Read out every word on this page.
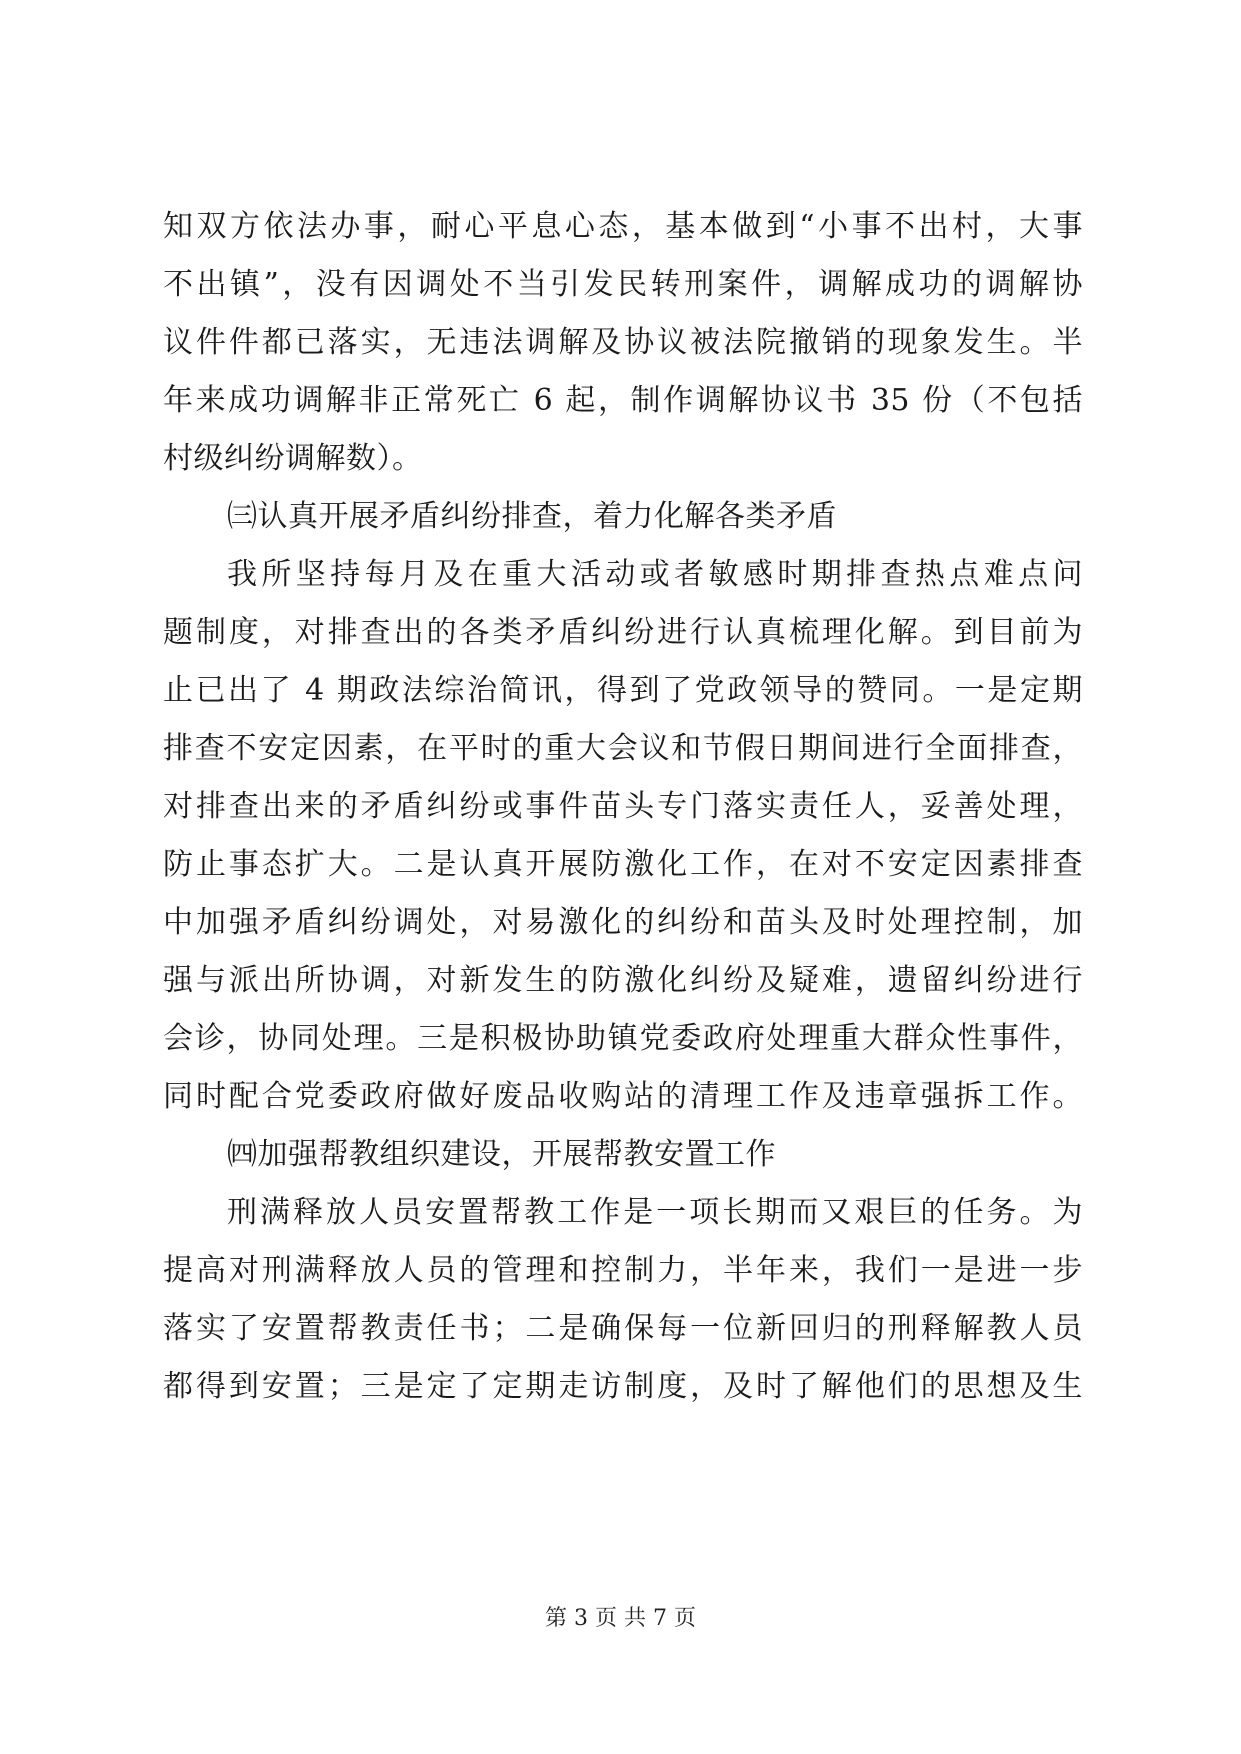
知双方依法办事，耐心平息心态，基本做到“小事不出村，大事
不出镇”，没有因调处不当引发民转刑案件，调解成功的调解协
议件件都已落实，无违法调解及协议被法院撤销的现象发生。半
年来成功调解非正常死亡 6 起，制作调解协议书 35 份（不包括
村级纠纷调解数）。
㈢认真开展矛盾纠纷排查，着力化解各类矛盾
我所坚持每月及在重大活动或者敏感时期排查热点难点问
题制度，对排查出的各类矛盾纠纷进行认真梳理化解。到目前为
止已出了 4 期政法综治简讯，得到了党政领导的赞同。一是定期
排查不安定因素，在平时的重大会议和节假日期间进行全面排查，
对排查出来的矛盾纠纷或事件苗头专门落实责任人，妥善处理，
防止事态扩大。二是认真开展防激化工作，在对不安定因素排查
中加强矛盾纠纷调处，对易激化的纠纷和苗头及时处理控制，加
强与派出所协调，对新发生的防激化纠纷及疑难，遗留纠纷进行
会诊，协同处理。三是积极协助镇党委政府处理重大群众性事件，
同时配合党委政府做好废品收购站的清理工作及违章强拆工作。
㈣加强帮教组织建设，开展帮教安置工作
刑满释放人员安置帮教工作是一项长期而又艰巨的任务。为
提高对刑满释放人员的管理和控制力，半年来，我们一是进一步
落实了安置帮教责任书；二是确保每一位新回归的刑释解教人员
都得到安置；三是定了定期走访制度，及时了解他们的思想及生
第 3 页 共 7 页
